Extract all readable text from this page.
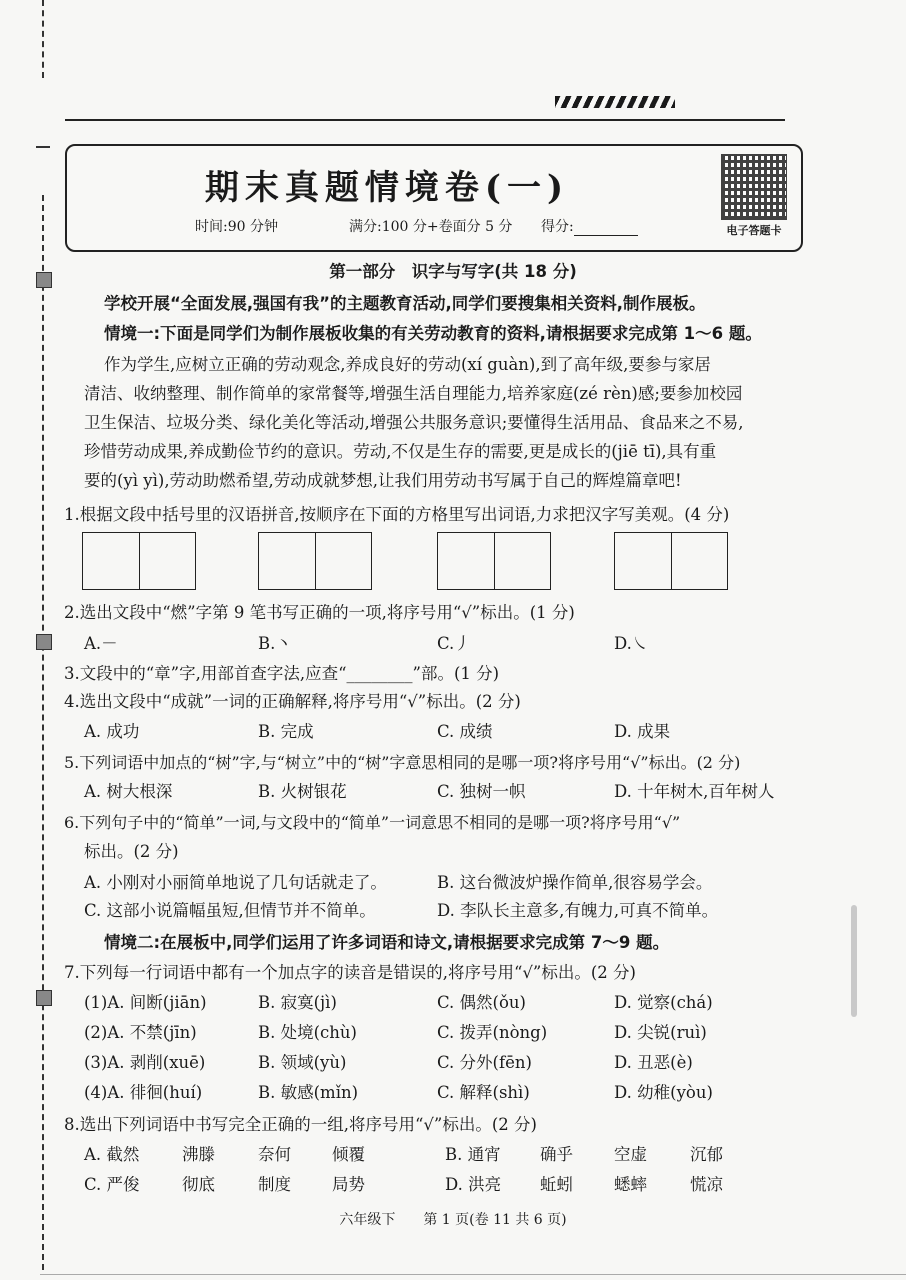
期末真题情境卷(一)
时间:90 分钟	满分:100 分+卷面分 5 分 得分:	电子答题卡
第一部分　识字与写字(共 18 分)
学校开展“全面发展,强国有我”的主题教育活动,同学们要搜集相关资料,制作展板。
情境一:下面是同学们为制作展板收集的有关劳动教育的资料,请根据要求完成第 1～6 题。
作为学生,应树立正确的劳动观念,养成良好的劳动(xí guàn),到了高年级,要参与家居
清洁、收纳整理、制作简单的家常餐等,增强生活自理能力,培养家庭(zé rèn)感;要参加校园
卫生保洁、垃圾分类、绿化美化等活动,增强公共服务意识;要懂得生活用品、食品来之不易,
珍惜劳动成果,养成勤俭节约的意识。劳动,不仅是生存的需要,更是成长的(jiē tī),具有重
要的(yì yì),劳动助燃希望,劳动成就梦想,让我们用劳动书写属于自己的辉煌篇章吧!
1.根据文段中括号里的汉语拼音,按顺序在下面的方格里写出词语,力求把汉字写美观。(4 分)
2.选出文段中“燃”字第 9 笔书写正确的一项,将序号用“√”标出。(1 分)
A.－	B.丶	C.丿	D.㇏
3.文段中的“章”字,用部首查字法,应查“________”部。(1 分)
4.选出文段中“成就”一词的正确解释,将序号用“√”标出。(2 分)
A. 成功	B. 完成	C. 成绩	D. 成果
5.下列词语中加点的“树”字,与“树立”中的“树”字意思相同的是哪一项?将序号用“√”标出。(2 分)
A. 树大根深	B. 火树银花	C. 独树一帜	D. 十年树木,百年树人
6.下列句子中的“简单”一词,与文段中的“简单”一词意思不相同的是哪一项?将序号用“√”
标出。(2 分)
A. 小刚对小丽简单地说了几句话就走了。	B. 这台微波炉操作简单,很容易学会。
C. 这部小说篇幅虽短,但情节并不简单。	D. 李队长主意多,有魄力,可真不简单。
情境二:在展板中,同学们运用了许多词语和诗文,请根据要求完成第 7～9 题。
7.下列每一行词语中都有一个加点字的读音是错误的,将序号用“√”标出。(2 分)
(1)A. 间断(jiān)	B. 寂寞(jì)	C. 偶然(ǒu)	D. 觉察(chá)
(2)A. 不禁(jīn)	B. 处境(chù)	C. 拨弄(nòng)	D. 尖锐(ruì)
(3)A. 剥削(xuē)	B. 领域(yù)	C. 分外(fēn)	D. 丑恶(è)
(4)A. 徘徊(huí)	B. 敏感(mǐn)	C. 解释(shì)	D. 幼稚(yòu)
8.选出下列词语中书写完全正确的一组,将序号用“√”标出。(2 分)
A. 截然	沸滕	奈何 倾覆	B. 通宵 确乎 空虚	沉郁
C. 严俊	彻底	制度 局势	D. 洪亮 蚯蚓 蟋蟀	慌凉
六年级下　　第 1 页(卷 11 共 6 页)
